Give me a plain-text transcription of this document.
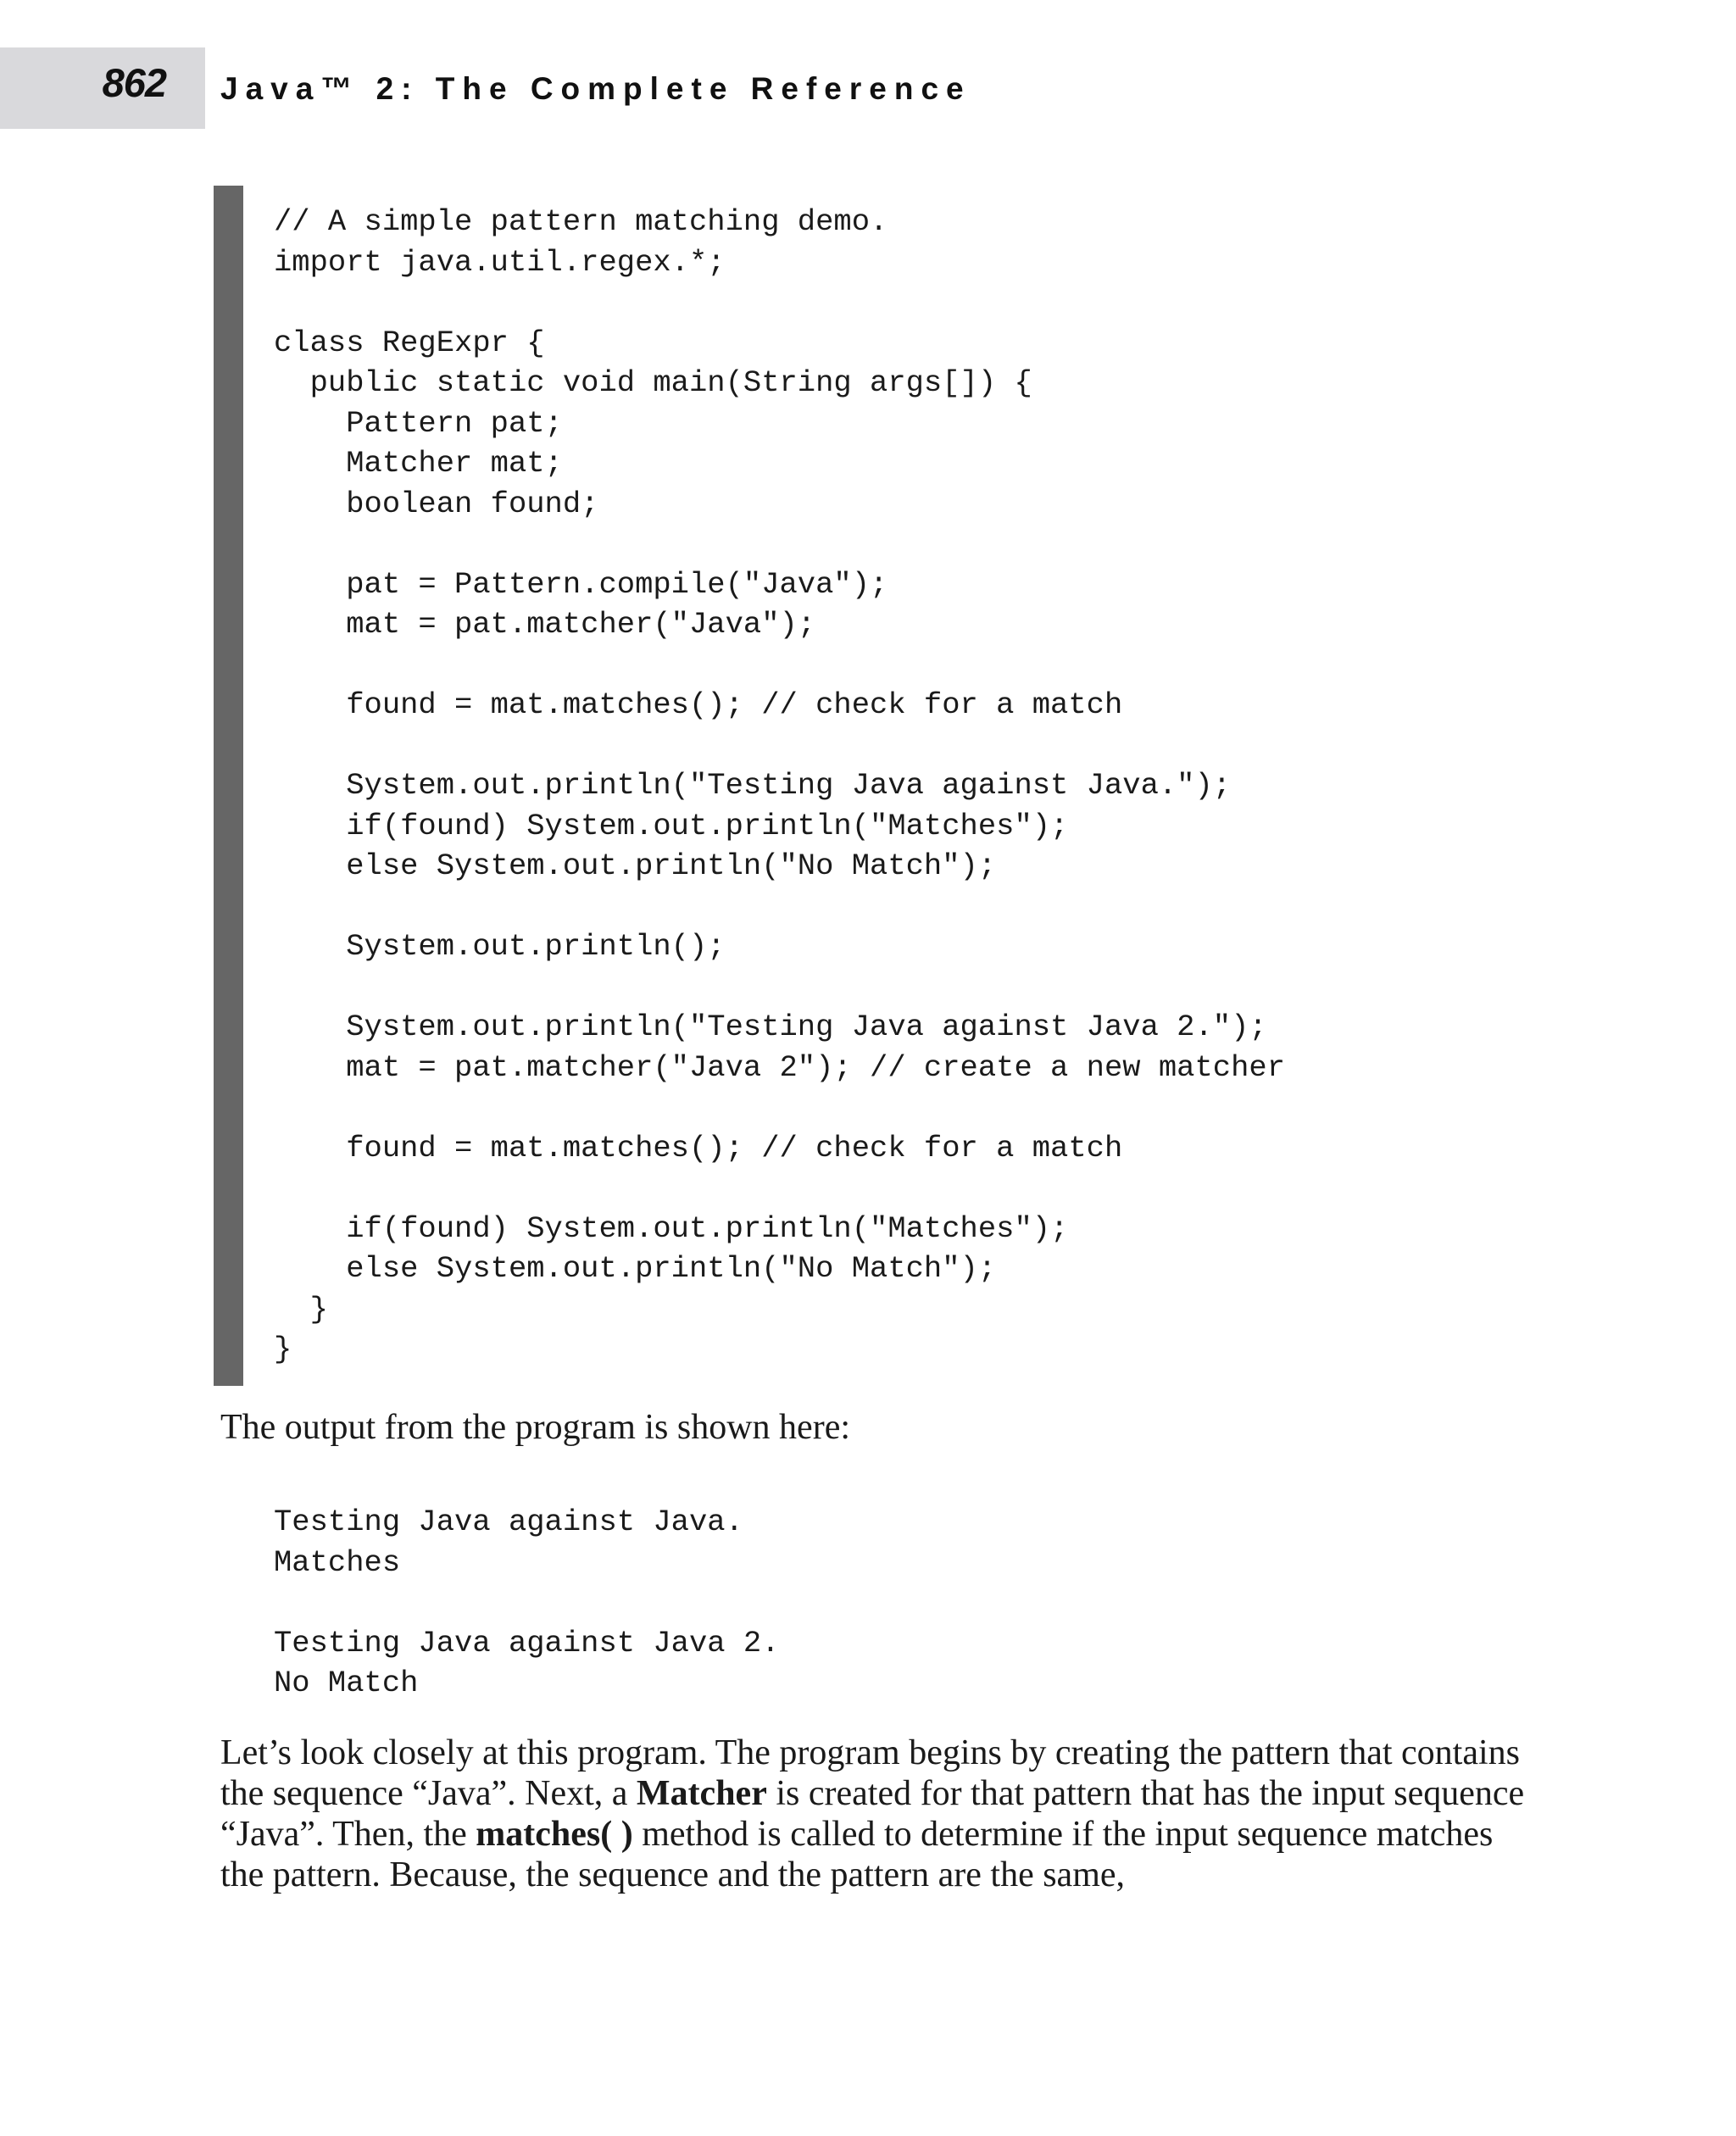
862 Java™ 2: The Complete Reference
// A simple pattern matching demo.
import java.util.regex.*;

class RegExpr {
public static void main(String args[]) {
Pattern pat;
Matcher mat;
boolean found;

pat = Pattern.compile("Java");
mat = pat.matcher("Java");

found = mat.matches(); // check for a match

System.out.println("Testing Java against Java.");
if(found) System.out.println("Matches");
else System.out.println("No Match");

System.out.println();

System.out.println("Testing Java against Java 2.");
mat = pat.matcher("Java 2"); // create a new matcher

found = mat.matches(); // check for a match

if(found) System.out.println("Matches");
else System.out.println("No Match");
}
}

The output from the program is shown here:

Testing Java against Java.
Matches

Testing Java against Java 2.
No Match

Let’s look closely at this program. The program begins by creating the pattern that contains the sequence “Java”. Next, a Matcher is created for that pattern that has the input sequence “Java”. Then, the matches( ) method is called to determine if the input sequence matches the pattern. Because, the sequence and the pattern are the same,
